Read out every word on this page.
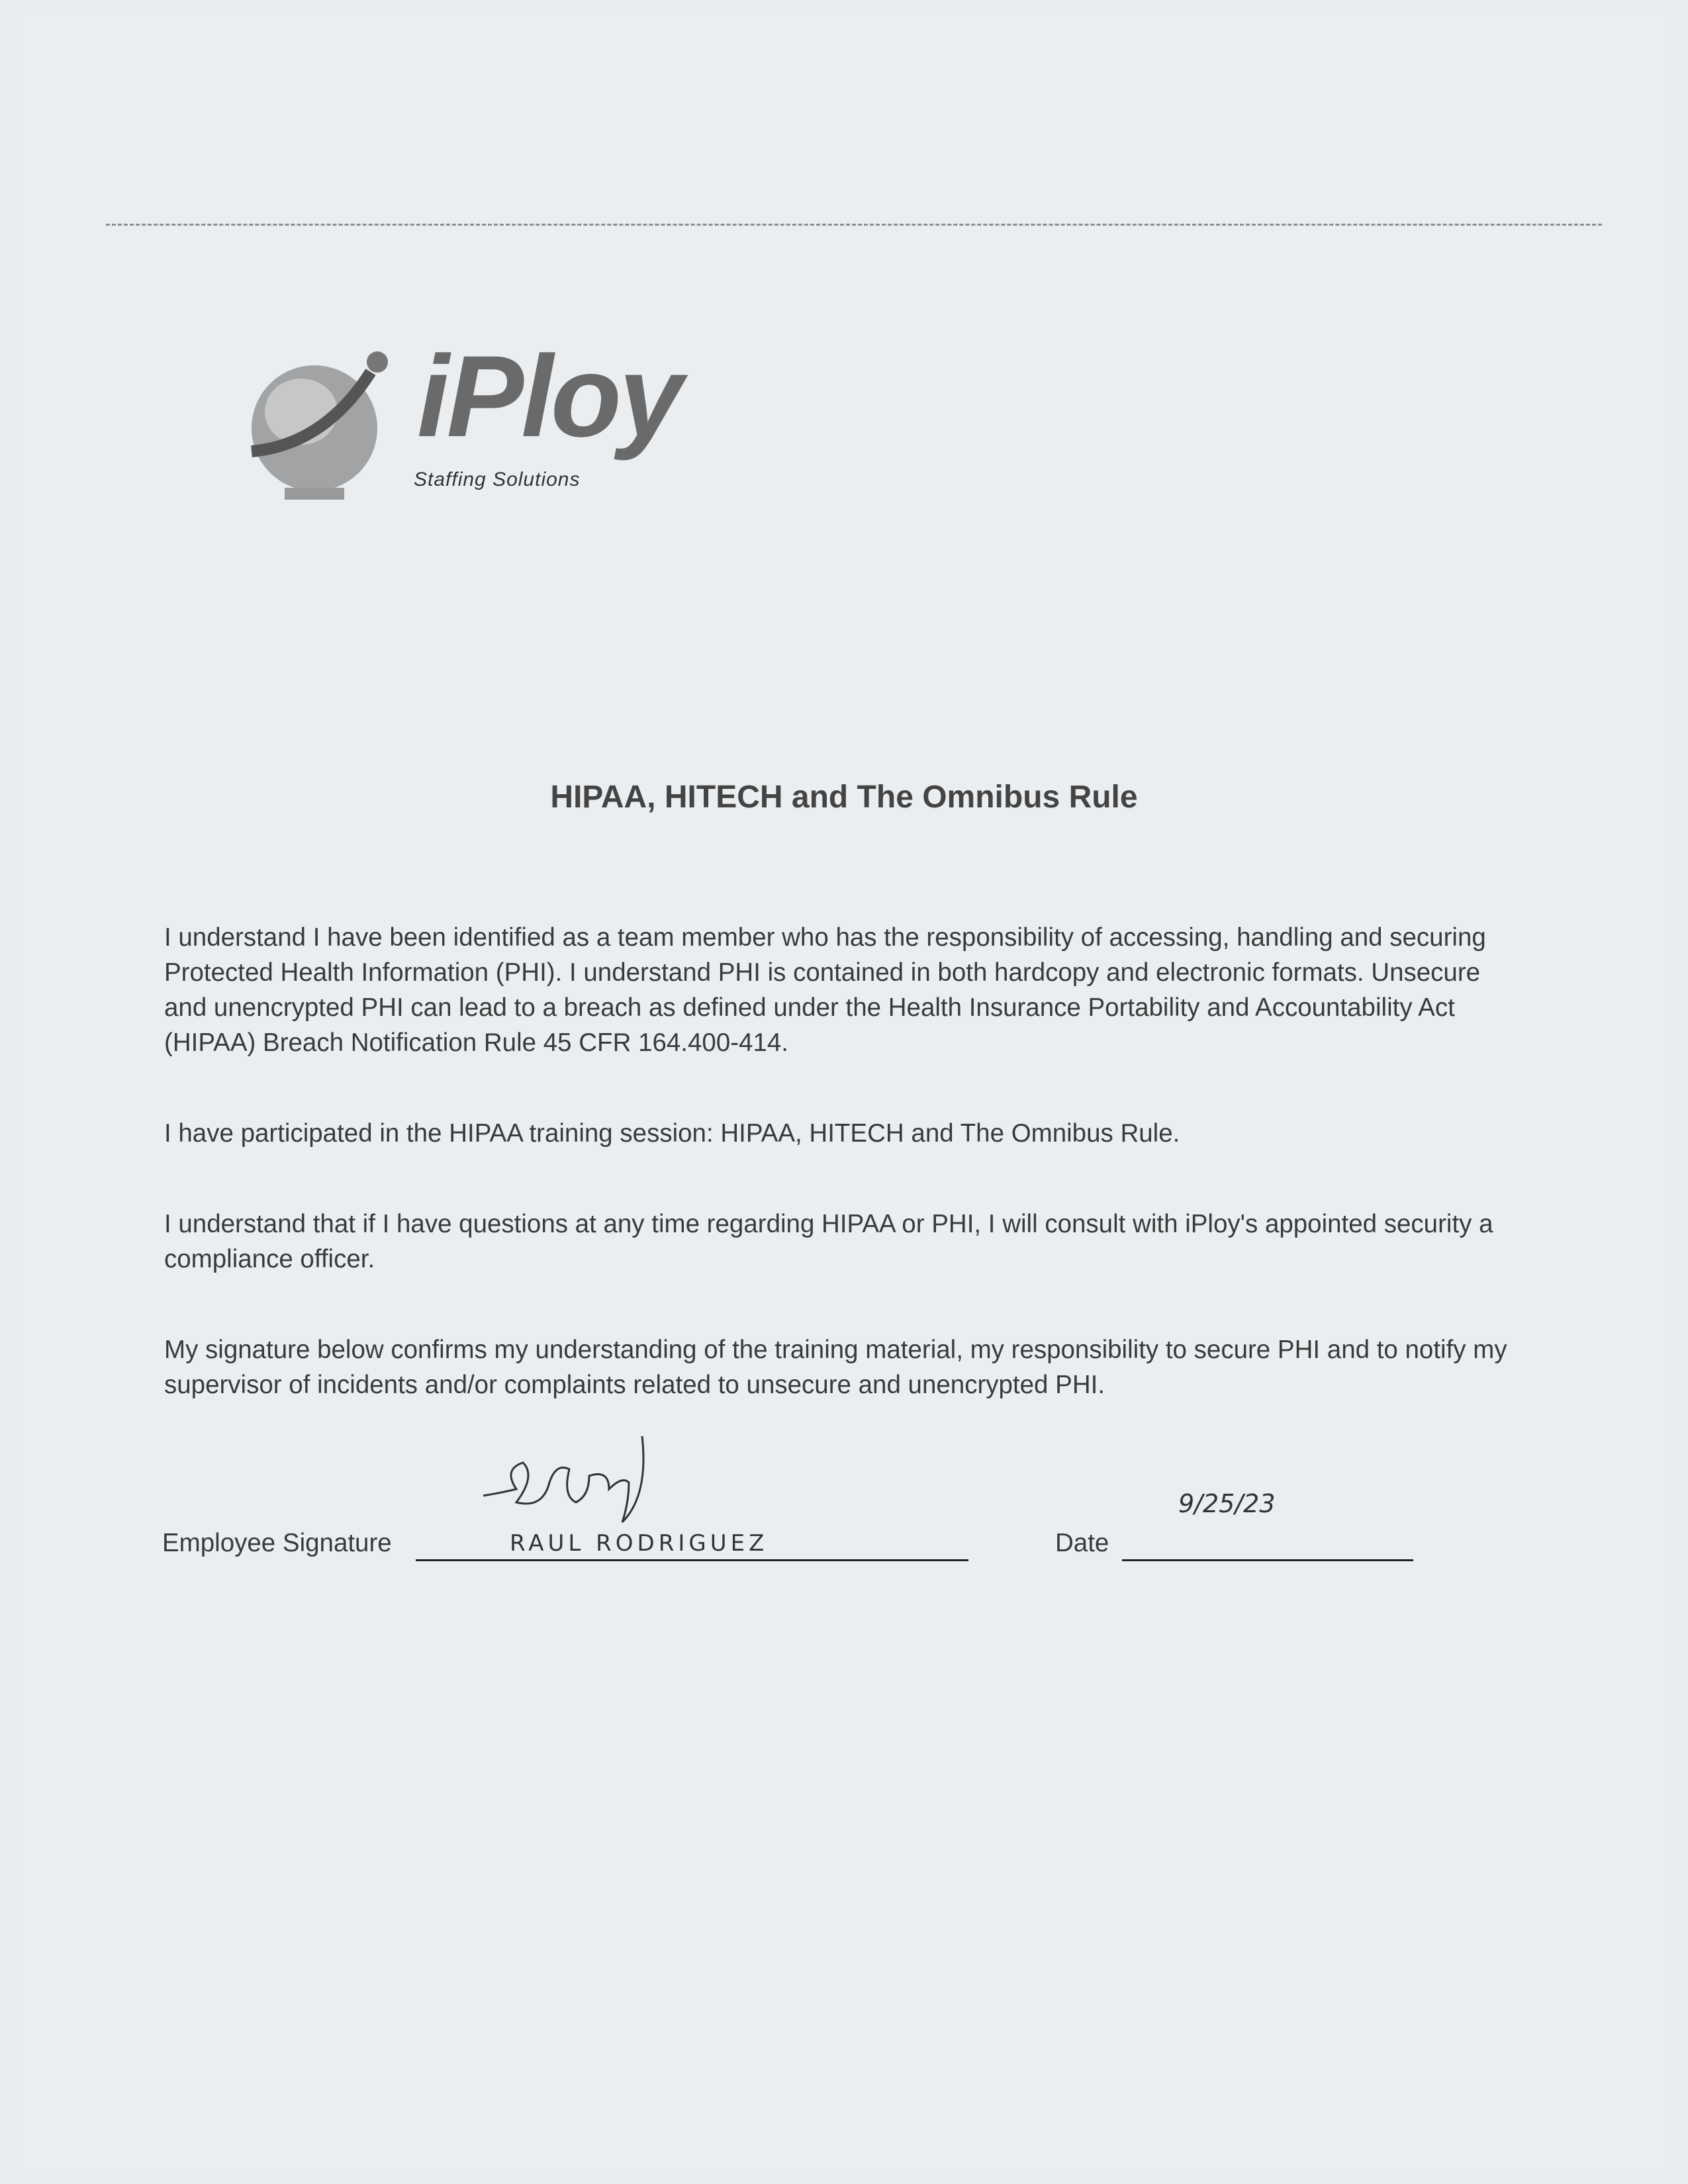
iPloy
Staffing Solutions
HIPAA, HITECH and The Omnibus Rule

I understand I have been identified as a team member who has the responsibility of accessing, handling and securing
Protected Health Information (PHI). I understand PHI is contained in both hardcopy and electronic formats. Unsecure
and unencrypted PHI can lead to a breach as defined under the Health Insurance Portability and Accountability Act
(HIPAA) Breach Notification Rule 45 CFR 164.400-414.

I have participated in the HIPAA training session: HIPAA, HITECH and The Omnibus Rule.

I understand that if I have questions at any time regarding HIPAA or PHI, I will consult with iPloy's appointed security a
compliance officer.

My signature below confirms my understanding of the training material, my responsibility to secure PHI and to notify my
supervisor of incidents and/or complaints related to unsecure and unencrypted PHI.

Employee Signature	RAUL RODRIGUEZ	Date
9/25/23
